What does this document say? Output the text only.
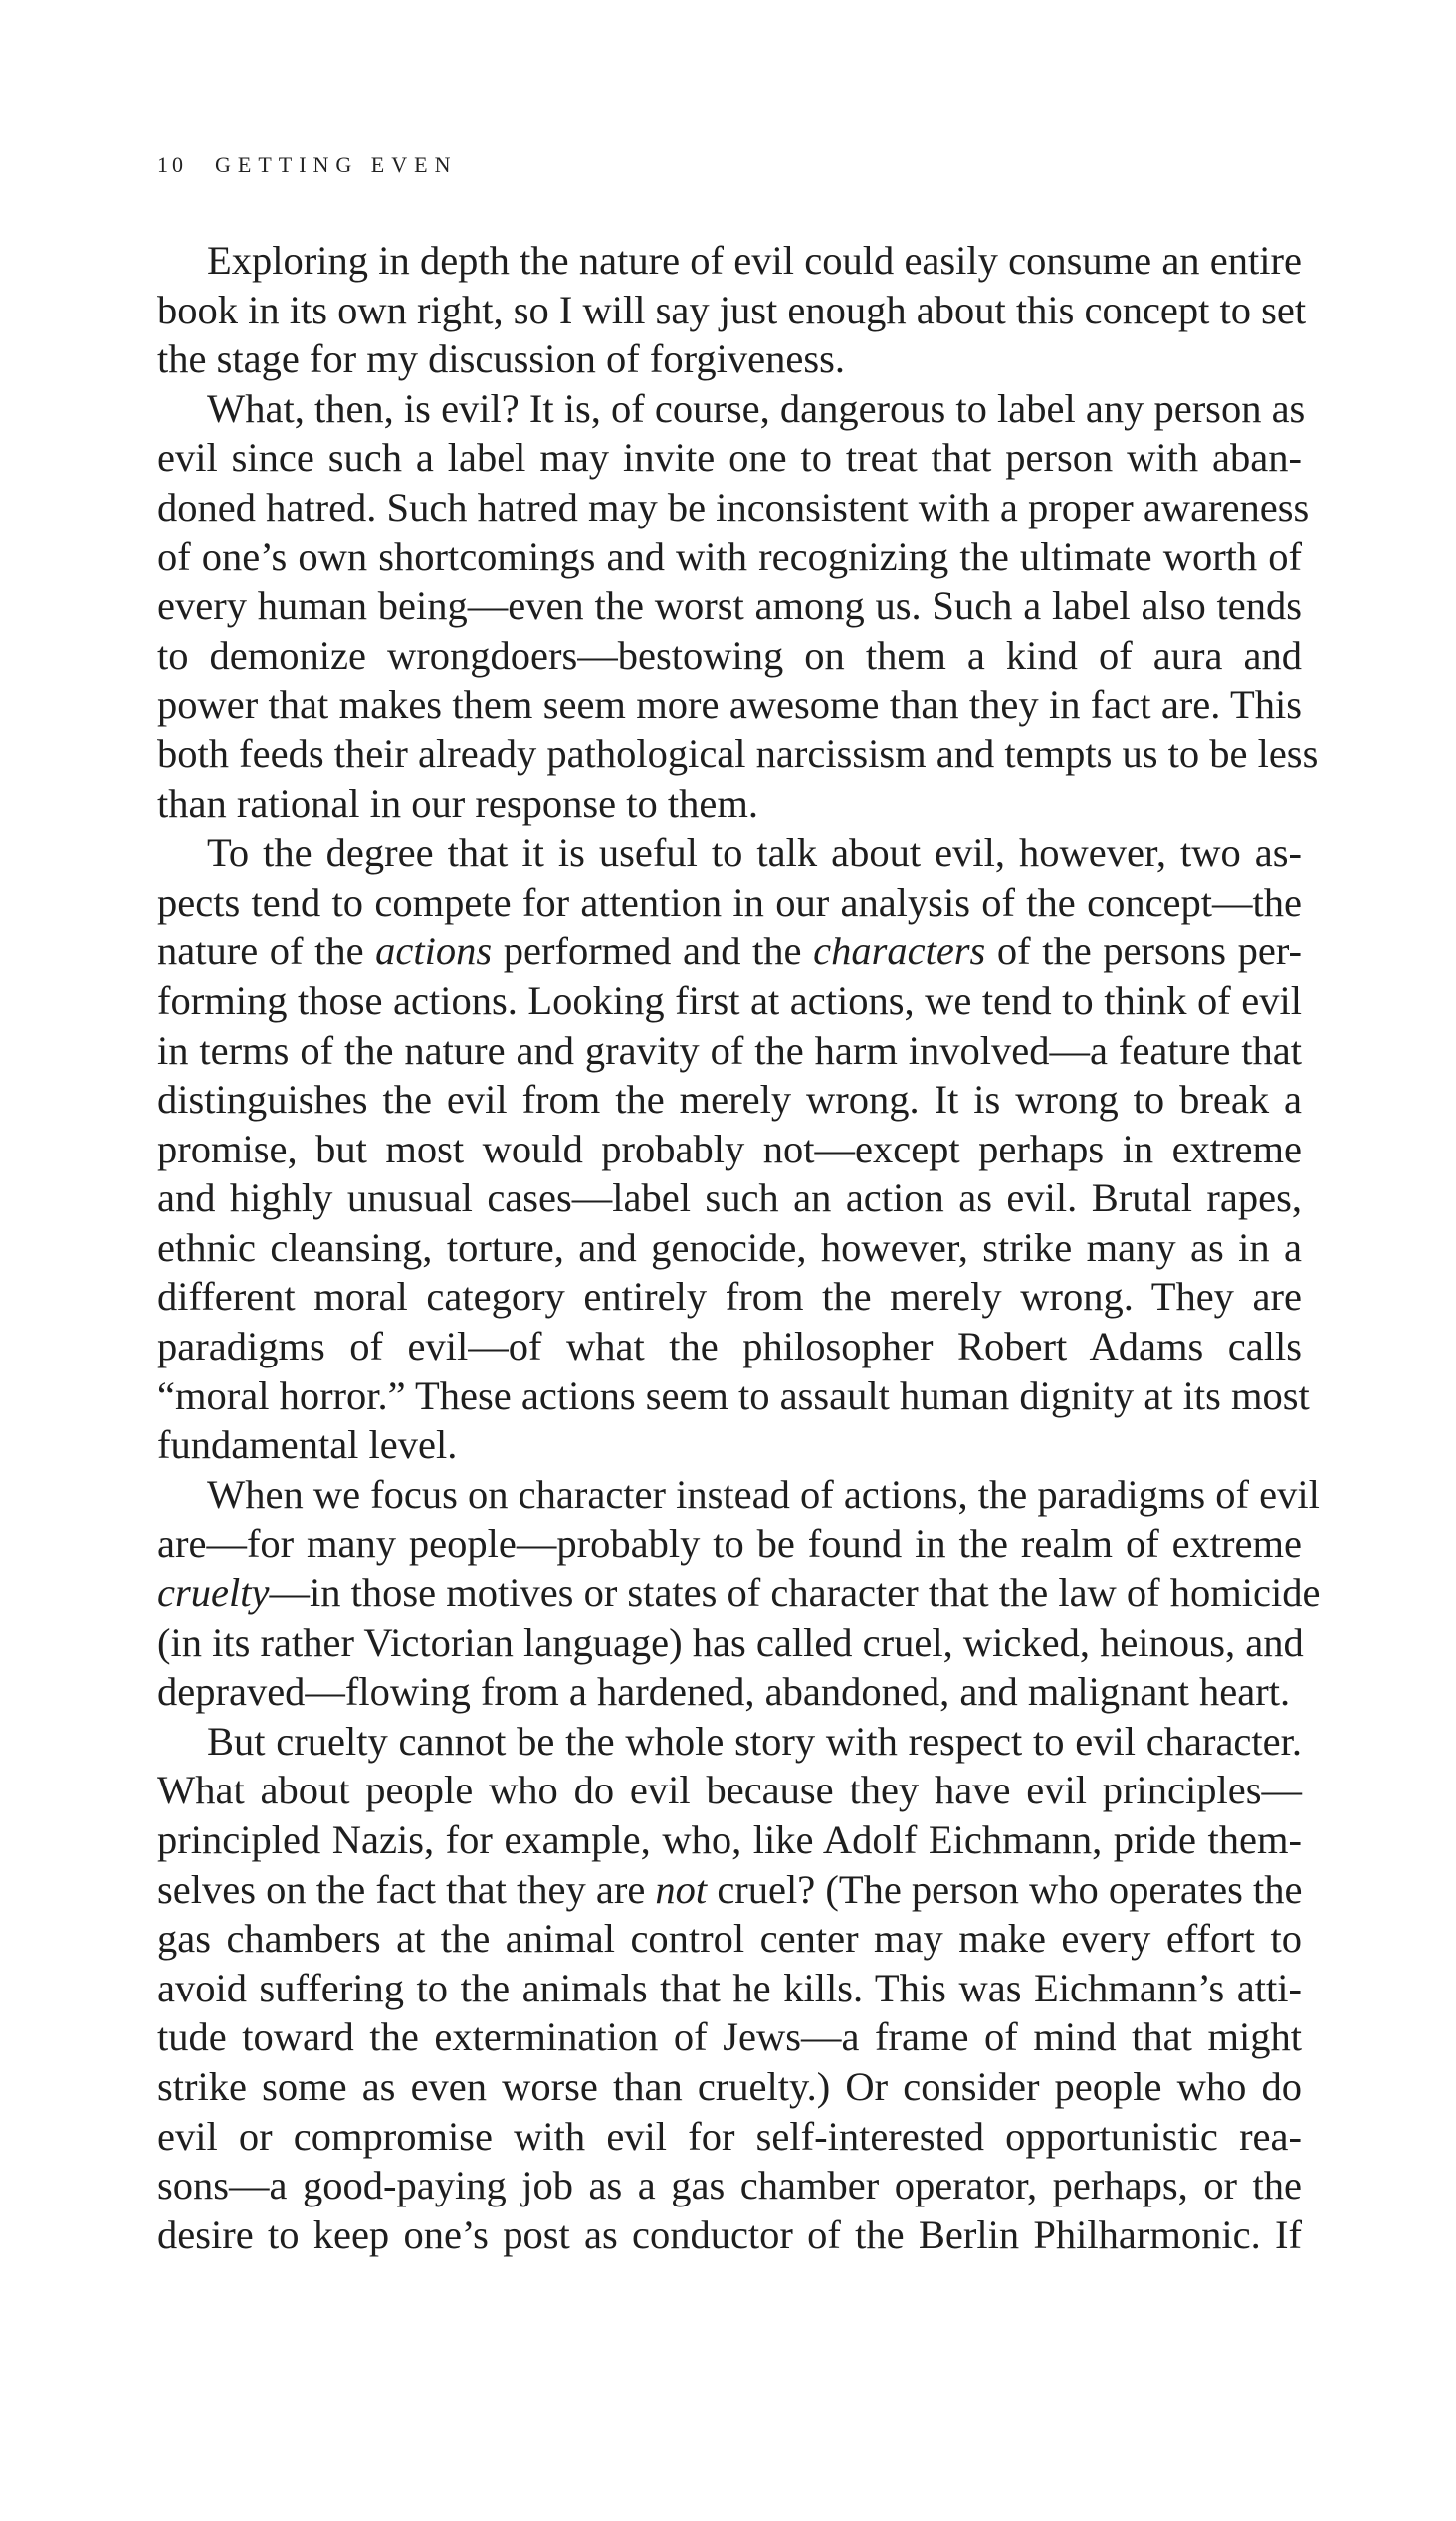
10 GETTING EVEN

Exploring in depth the nature of evil could easily consume an entire
book in its own right, so I will say just enough about this concept to set
the stage for my discussion of forgiveness.

What, then, is evil? It is, of course, dangerous to label any person as
evil since such a label may invite one to treat that person with aban-
doned hatred. Such hatred may be inconsistent with a proper awareness
of one’s own shortcomings and with recognizing the ultimate worth of
every human being—even the worst among us. Such a label also tends
to demonize wrongdoers—bestowing on them a kind of aura and
power that makes them seem more awesome than they in fact are. This
both feeds their already pathological narcissism and tempts us to be less
than rational in our response to them.

To the degree that it is useful to talk about evil, however, two as-
pects tend to compete for attention in our analysis of the concept—the
nature of the actions performed and the characters of the persons per-
forming those actions. Looking first at actions, we tend to think of evil
in terms of the nature and gravity of the harm involved—a feature that
distinguishes the evil from the merely wrong. It is wrong to break a
promise, but most would probably not—except perhaps in extreme
and highly unusual cases—label such an action as evil. Brutal rapes,
ethnic cleansing, torture, and genocide, however, strike many as in a
different moral category entirely from the merely wrong. They are
paradigms of evil—of what the philosopher Robert Adams calls
“moral horror.” These actions seem to assault human dignity at its most
fundamental level.

When we focus on character instead of actions, the paradigms of evil
are—for many people—probably to be found in the realm of extreme
cruelty—in those motives or states of character that the law of homicide
(in its rather Victorian language) has called cruel, wicked, heinous, and
depraved—flowing from a hardened, abandoned, and malignant heart.

But cruelty cannot be the whole story with respect to evil character.
What about people who do evil because they have evil principles—
principled Nazis, for example, who, like Adolf Eichmann, pride them-
selves on the fact that they are not cruel? (The person who operates the
gas chambers at the animal control center may make every effort to
avoid suffering to the animals that he kills. This was Eichmann’s atti-
tude toward the extermination of Jews—a frame of mind that might
strike some as even worse than cruelty.) Or consider people who do
evil or compromise with evil for self-interested opportunistic rea-
sons—a good-paying job as a gas chamber operator, perhaps, or the
desire to keep one’s post as conductor of the Berlin Philharmonic. If
